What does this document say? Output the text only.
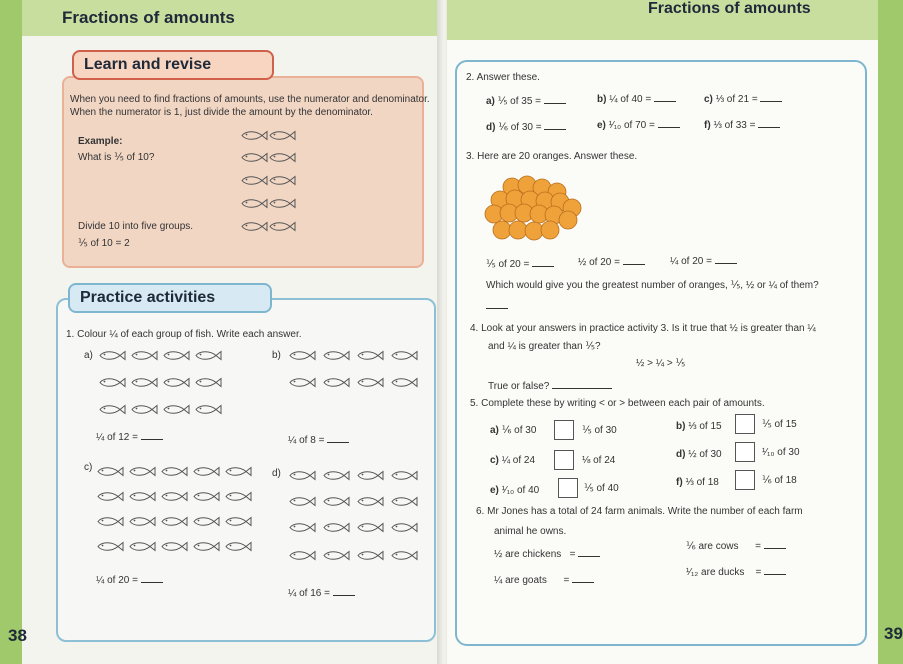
Fractions of amounts
38
Learn and revise
When you need to find fractions of amounts, use the numerator and denominator.
When the numerator is 1, just divide the amount by the denominator.
Example:
What is ⅕ of 10?
Divide 10 into five groups.
⅕ of 10 = 2
Practice activities
1. Colour ¼ of each group of fish. Write each answer.
a)	b)
c)
d)
¼ of 12 =	¼ of 8 =
¼ of 20 =
¼ of 16 =
Fractions of amounts
39
2. Answer these.
a) ⅕ of 35 =	b) ¼ of 40 =	c) ⅓ of 21 =
d) ⅙ of 30 =	e) ¹⁄₁₀ of 70 =	f) ⅓ of 33 =
3. Here are 20 oranges. Answer these.
⅕ of 20 =	½ of 20 =	¼ of 20 =
Which would give you the greatest number of oranges, ⅕, ½ or ¼ of them?
4. Look at your answers in practice activity 3. Is it true that ½ is greater than ¼
and ¼ is greater than ⅕?
½ > ¼ > ⅕
True or false?
5. Complete these by writing < or > between each pair of amounts.
a) ⅙ of 30	⅕ of 30	b) ⅓ of 15	⅕ of 15
c) ¼ of 24	⅛ of 24
d) ½ of 30	¹⁄₁₀ of 30
e) ¹⁄₁₀ of 40	⅕ of 40
f) ⅓ of 18	⅙ of 18
6. Mr Jones has a total of 24 farm animals. Write the number of each farm
animal he owns.
½ are chickens =
⅙ are cows =
¼ are goats =
¹⁄₁₂ are ducks =
